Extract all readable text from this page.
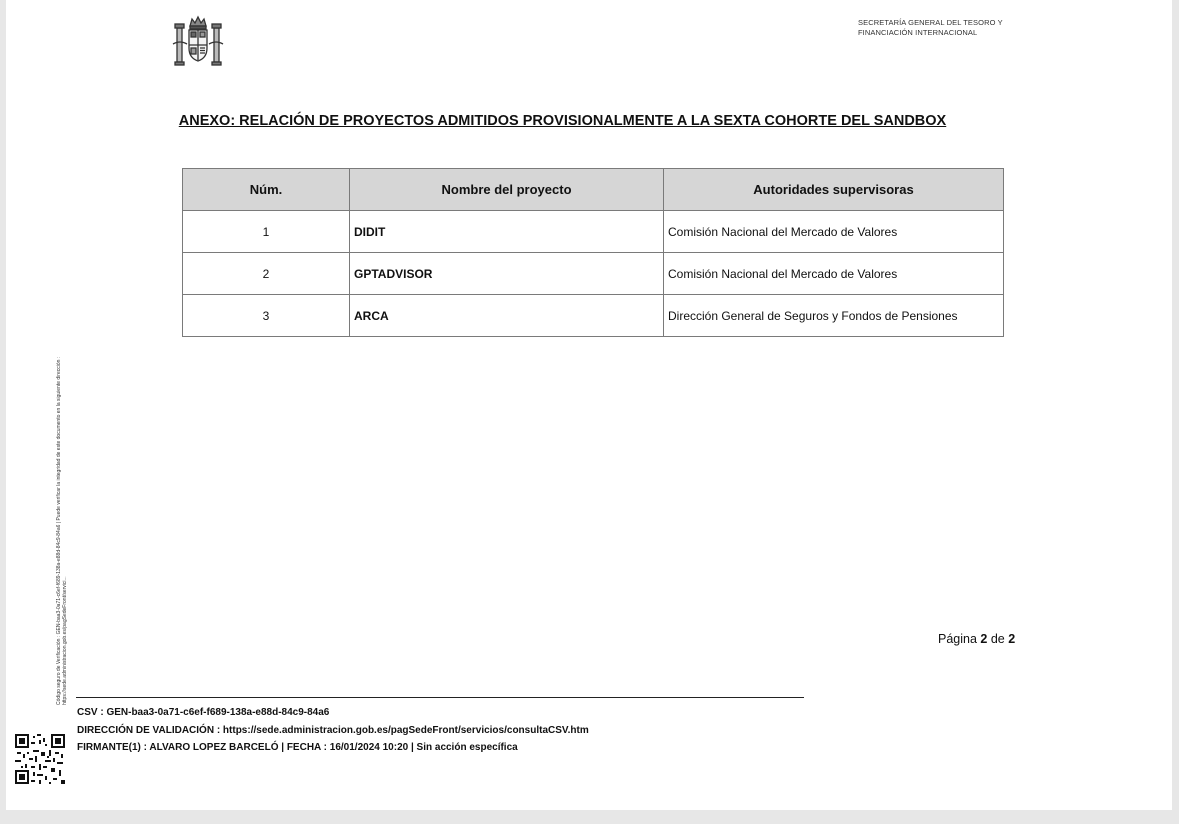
SECRETARÍA GENERAL DEL TESORO Y
FINANCIACIÓN INTERNACIONAL
ANEXO: RELACIÓN DE PROYECTOS ADMITIDOS PROVISIONALMENTE A LA SEXTA COHORTE DEL SANDBOX
Núm.	Nombre del proyecto	Autoridades supervisoras
1	DIDIT	Comisión Nacional del Mercado de Valores
2	GPTADVISOR	Comisión Nacional del Mercado de Valores
3	ARCA	Dirección General de Seguros y Fondos de Pensiones
Código seguro de Verificación : GEN-baa3-0a71-c6ef-f689-138a-e88d-84c9-84a6 | Puede verificar la integridad de este documento en la siguiente dirección : https://sede.administracion.gob.es/pagSedeFront/servici...	Página 2 de 2
CSV : GEN-baa3-0a71-c6ef-f689-138a-e88d-84c9-84a6
DIRECCIÓN DE VALIDACIÓN : https://sede.administracion.gob.es/pagSedeFront/servicios/consultaCSV.htm
FIRMANTE(1) : ALVARO LOPEZ BARCELÓ | FECHA : 16/01/2024 10:20 | Sin acción específica
